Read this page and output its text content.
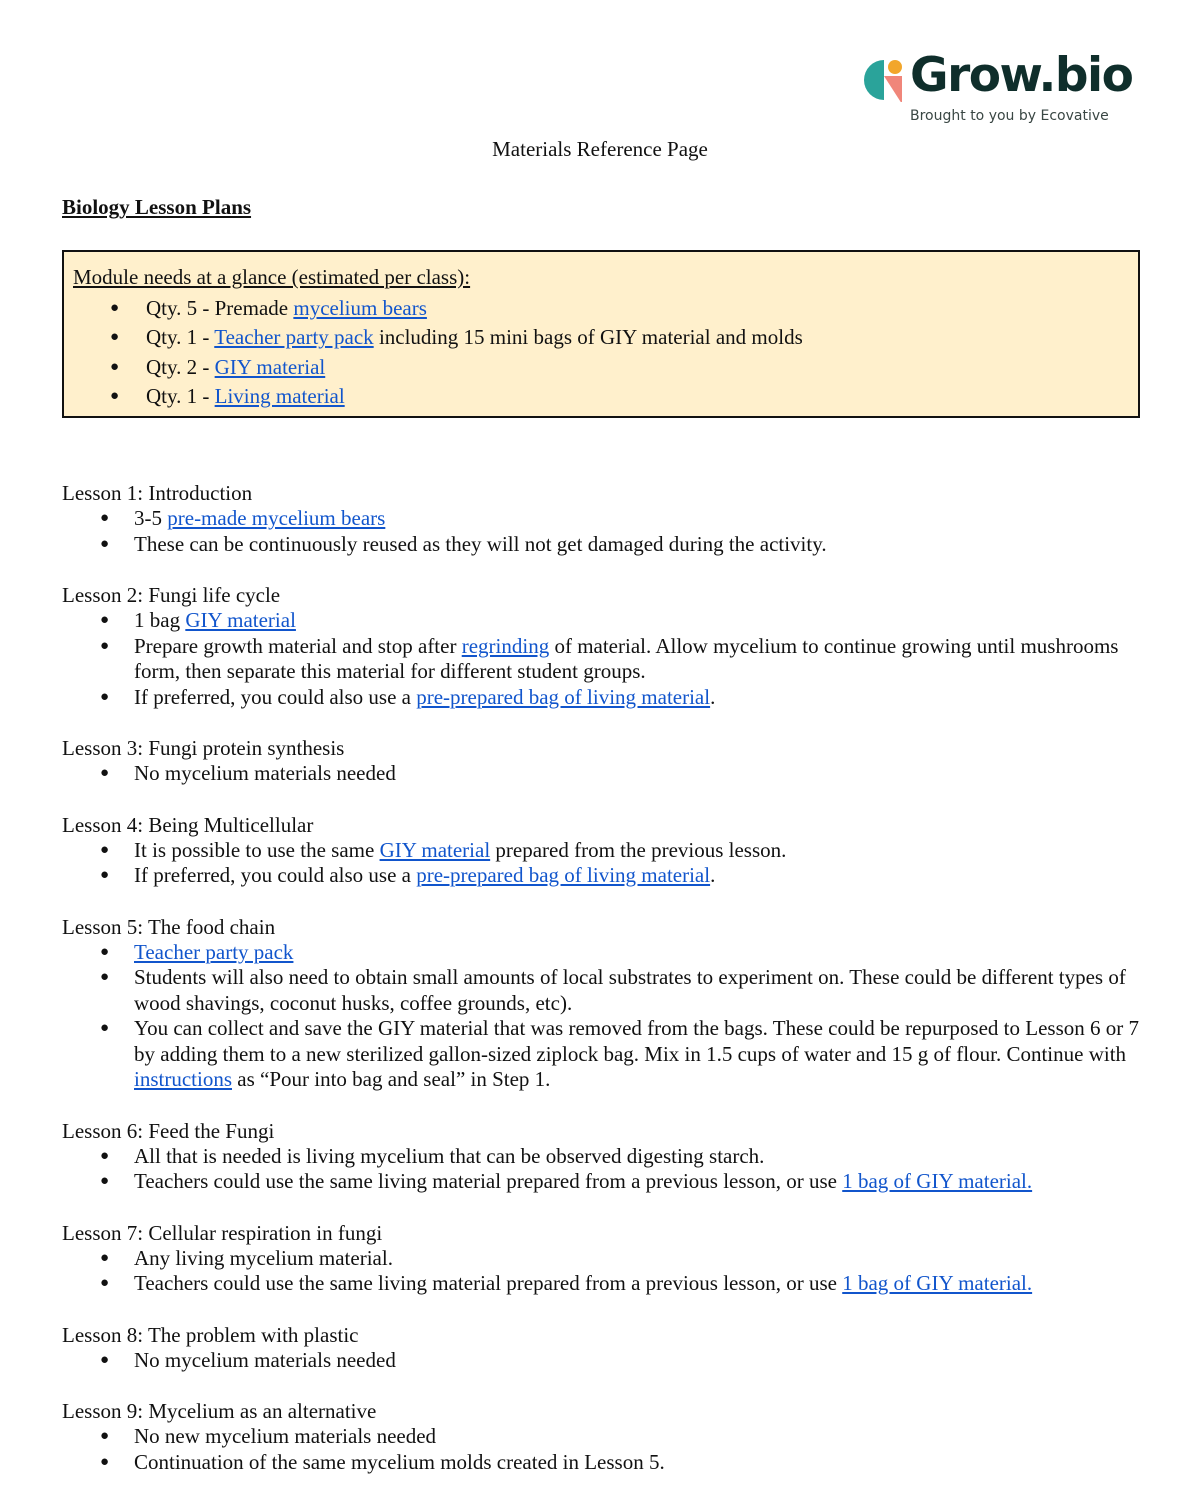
Grow.bio
Brought to you by Ecovative
Materials Reference Page
Biology Lesson Plans
Module needs at a glance (estimated per class):
● Qty. 5 - Premade mycelium bears
● Qty. 1 - Teacher party pack including 15 mini bags of GIY material and molds
● Qty. 2 - GIY material
● Qty. 1 - Living material
Lesson 1: Introduction
● 3-5 pre-made mycelium bears
● These can be continuously reused as they will not get damaged during the activity.
Lesson 2: Fungi life cycle
● 1 bag GIY material
● Prepare growth material and stop after regrinding of material. Allow mycelium to continue growing until mushrooms form, then separate this material for different student groups.
● If preferred, you could also use a pre-prepared bag of living material.
Lesson 3: Fungi protein synthesis
● No mycelium materials needed
Lesson 4: Being Multicellular
● It is possible to use the same GIY material prepared from the previous lesson.
● If preferred, you could also use a pre-prepared bag of living material.
Lesson 5: The food chain
● Teacher party pack
● Students will also need to obtain small amounts of local substrates to experiment on. These could be different types of wood shavings, coconut husks, coffee grounds, etc).
● You can collect and save the GIY material that was removed from the bags. These could be repurposed to Lesson 6 or 7 by adding them to a new sterilized gallon-sized ziplock bag. Mix in 1.5 cups of water and 15 g of flour. Continue with instructions as “Pour into bag and seal” in Step 1.
Lesson 6: Feed the Fungi
● All that is needed is living mycelium that can be observed digesting starch.
● Teachers could use the same living material prepared from a previous lesson, or use 1 bag of GIY material.
Lesson 7: Cellular respiration in fungi
● Any living mycelium material.
● Teachers could use the same living material prepared from a previous lesson, or use 1 bag of GIY material.
Lesson 8: The problem with plastic
● No mycelium materials needed
Lesson 9: Mycelium as an alternative
● No new mycelium materials needed
● Continuation of the same mycelium molds created in Lesson 5.
